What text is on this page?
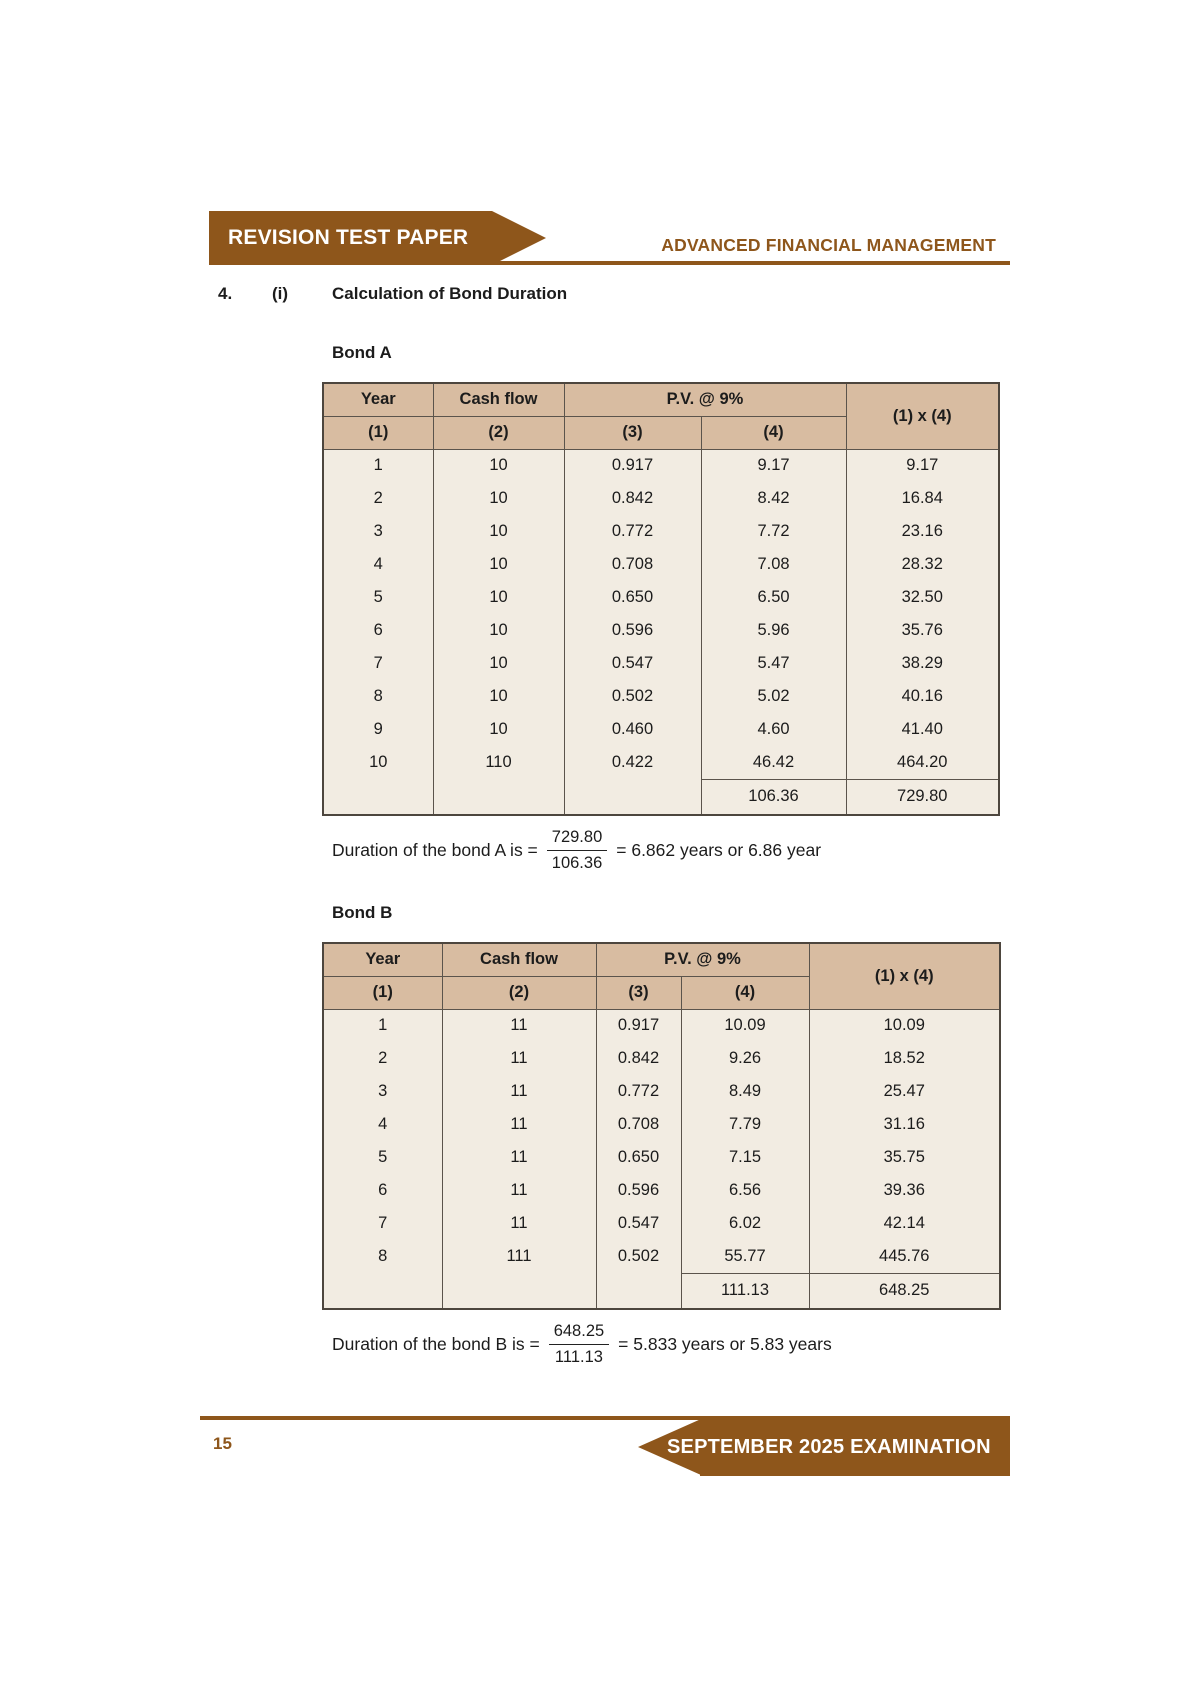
REVISION TEST PAPER	ADVANCED FINANCIAL MANAGEMENT
4. (i)	Calculation of Bond Duration
Bond A
Year	Cash flow	P.V. @ 9%		(1) x (4)
(1)	(2)	(3)	(4)	
1	10	0.917	9.17	9.17
2	10	0.842	8.42	16.84
3	10	0.772	7.72	23.16
4	10	0.708	7.08	28.32
5	10	0.650	6.50	32.50
6	10	0.596	5.96	35.76
7	10	0.547	5.47	38.29
8	10	0.502	5.02	40.16
9	10	0.460	4.60	41.40
10	110	0.422	46.42	464.20
			106.36	729.80
Duration of the bond A is = $\frac{729.80}{106.36} = 6.862$ years or 6.86 year
Bond B
Year	Cash flow	P.V. @ 9%		(1) x (4)
(1)	(2)	(3)	(4)	
1	11	0.917	10.09	10.09
2	11	0.842	9.26	18.52
3	11	0.772	8.49	25.47
4	11	0.708	7.79	31.16
5	11	0.650	7.15	35.75
6	11	0.596	6.56	39.36
7	11	0.547	6.02	42.14
8	111	0.502	55.77	445.76
			111.13	648.25
Duration of the bond B is = $\frac{648.25}{111.13} = 5.833$ years or 5.83 years
15	SEPTEMBER 2025 EXAMINATION
